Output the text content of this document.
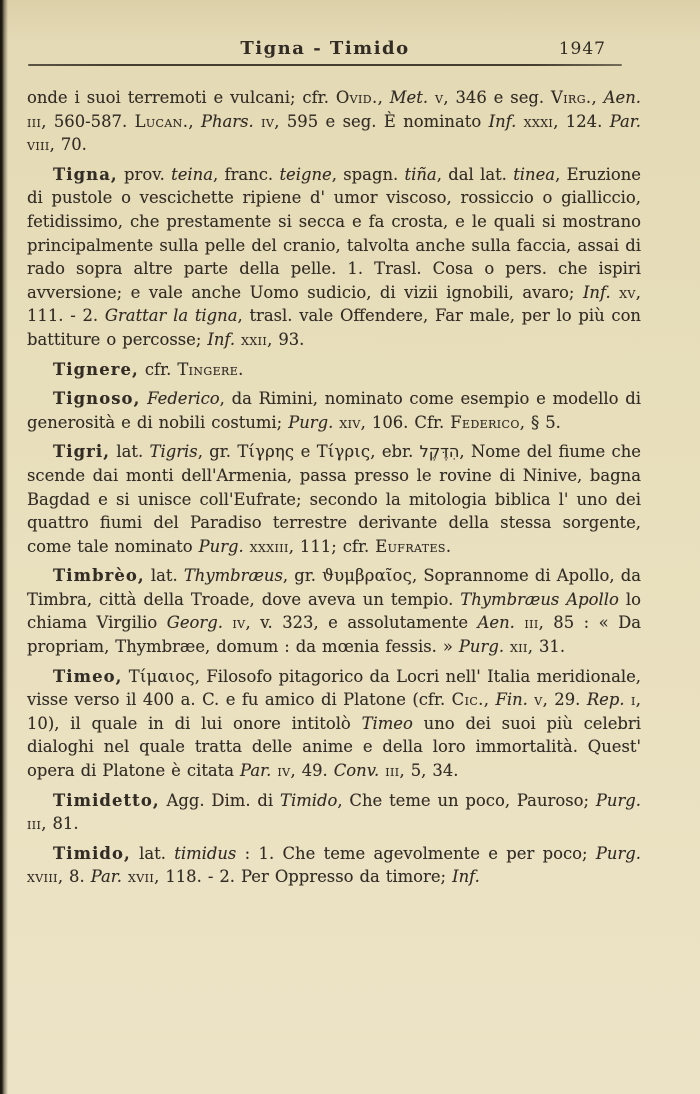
Tigna - Timido	1947

onde i suoi terremoti e vulcani; cfr. Ovid., Met. v, 346 e seg. Virg., Aen. iii, 560-587. Lucan., Phars. iv, 595 e seg. È nominato Inf. xxxi, 124. Par. viii, 70.

Tigna, prov. teina, franc. teigne, spagn. tiña, dal lat. tinea, Eruzione di pustole o vescichette ripiene d' umor viscoso, rossiccio o gialliccio, fetidissimo, che prestamente si secca e fa crosta, e le quali si mostrano principalmente sulla pelle del cranio, talvolta anche sulla faccia, assai di rado sopra altre parte della pelle. 1. Trasl. Cosa o pers. che ispiri avversione; e vale anche Uomo sudicio, di vizii ignobili, avaro; Inf. xv, 111. - 2. Grattar la tigna, trasl. vale Offendere, Far male, per lo più con battiture o percosse; Inf. xxii, 93.

Tignere, cfr. Tingere.

Tignoso, Federico, da Rimini, nominato come esempio e modello di generosità e di nobili costumi; Purg. xiv, 106. Cfr. Federico, § 5.

Tigri, lat. Tigris, gr. Τίγρης e Τίγρις, ebr. הִדֶּקֶל, Nome del fiume che scende dai monti dell'Armenia, passa presso le rovine di Ninive, bagna Bagdad e si unisce coll'Eufrate; secondo la mitologia biblica l' uno dei quattro fiumi del Paradiso terrestre derivante della stessa sorgente, come tale nominato Purg. xxxiii, 111; cfr. Eufrates.

Timbrèo, lat. Thymbræus, gr. ϑυμβραῖος, Soprannome di Apollo, da Timbra, città della Troade, dove aveva un tempio. Thymbræus Apollo lo chiama Virgilio Georg. iv, v. 323, e assolutamente Aen. iii, 85 : « Da propriam, Thymbræe, domum : da mœnia fessis. » Purg. xii, 31.

Timeo, Τίμαιος, Filosofo pitagorico da Locri nell' Italia meridionale, visse verso il 400 a. C. e fu amico di Platone (cfr. Cic., Fin. v, 29. Rep. i, 10), il quale in di lui onore intitolò Timeo uno dei suoi più celebri dialoghi nel quale tratta delle anime e della loro immortalità. Quest' opera di Platone è citata Par. iv, 49. Conv. iii, 5, 34.

Timidetto, Agg. Dim. di Timido, Che teme un poco, Pauroso; Purg. iii, 81.

Timido, lat. timidus : 1. Che teme agevolmente e per poco; Purg. xviii, 8. Par. xvii, 118. - 2. Per Oppresso da timore; Inf.
